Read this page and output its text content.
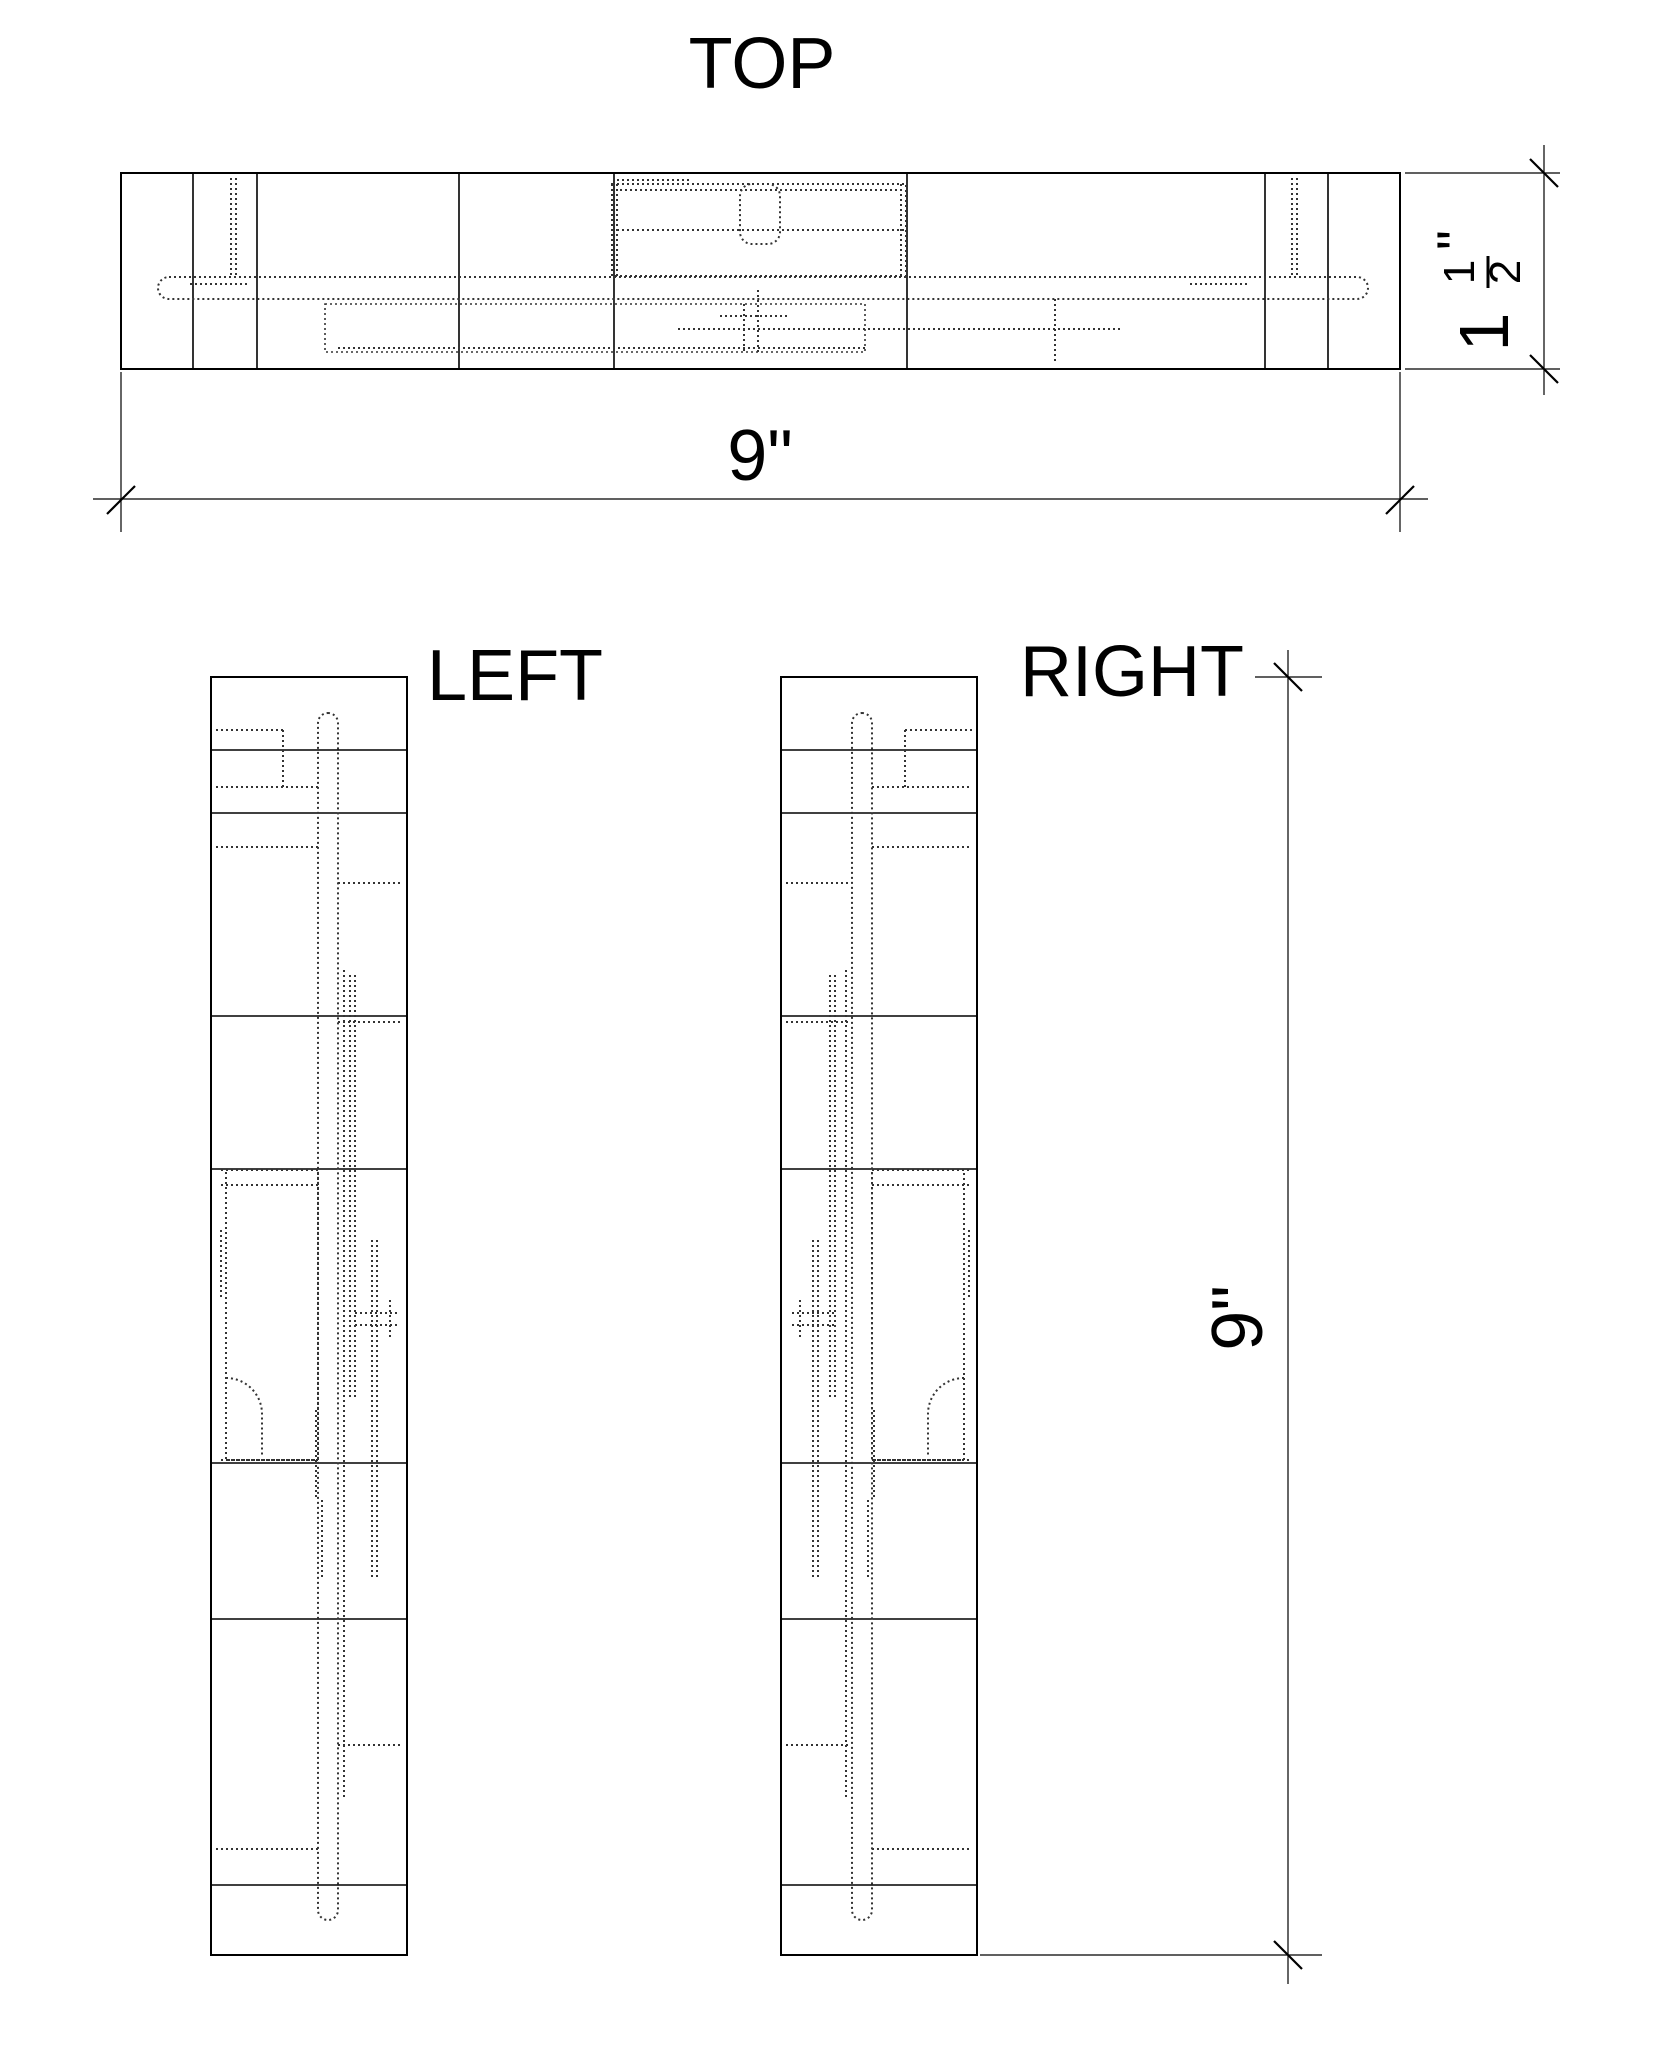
TOP
9"
1
1
2
"
LEFT	RIGHT
9"
